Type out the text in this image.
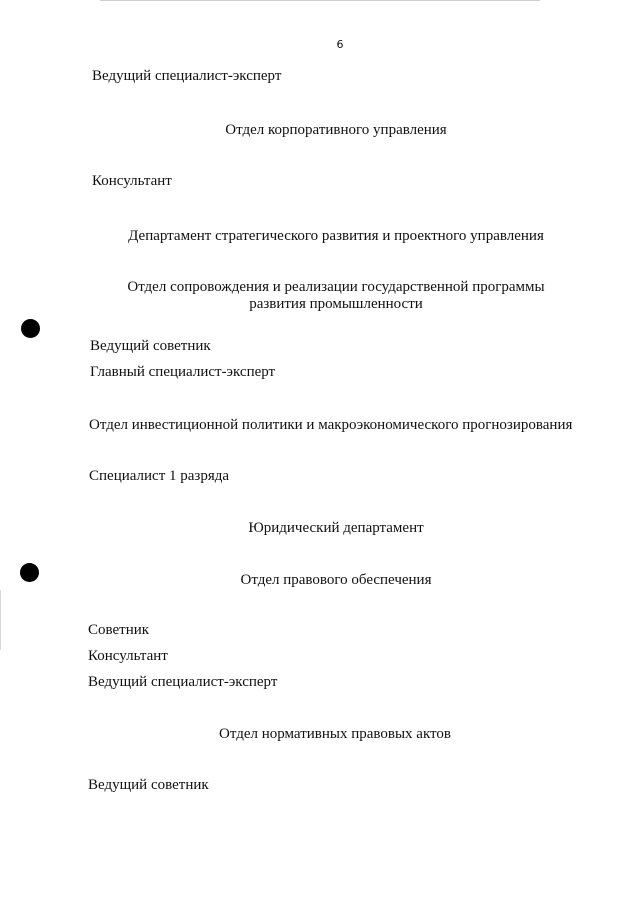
6
Ведущий специалист-эксперт
Отдел корпоративного управления
Консультант
Департамент стратегического развития и проектного управления
Отдел сопровождения и реализации государственной программы
развития промышленности
Ведущий советник
Главный специалист-эксперт
Отдел инвестиционной политики и макроэкономического прогнозирования
Специалист 1 разряда
Юридический департамент
Отдел правового обеспечения
Советник
Консультант
Ведущий специалист-эксперт
Отдел нормативных правовых актов
Ведущий советник
